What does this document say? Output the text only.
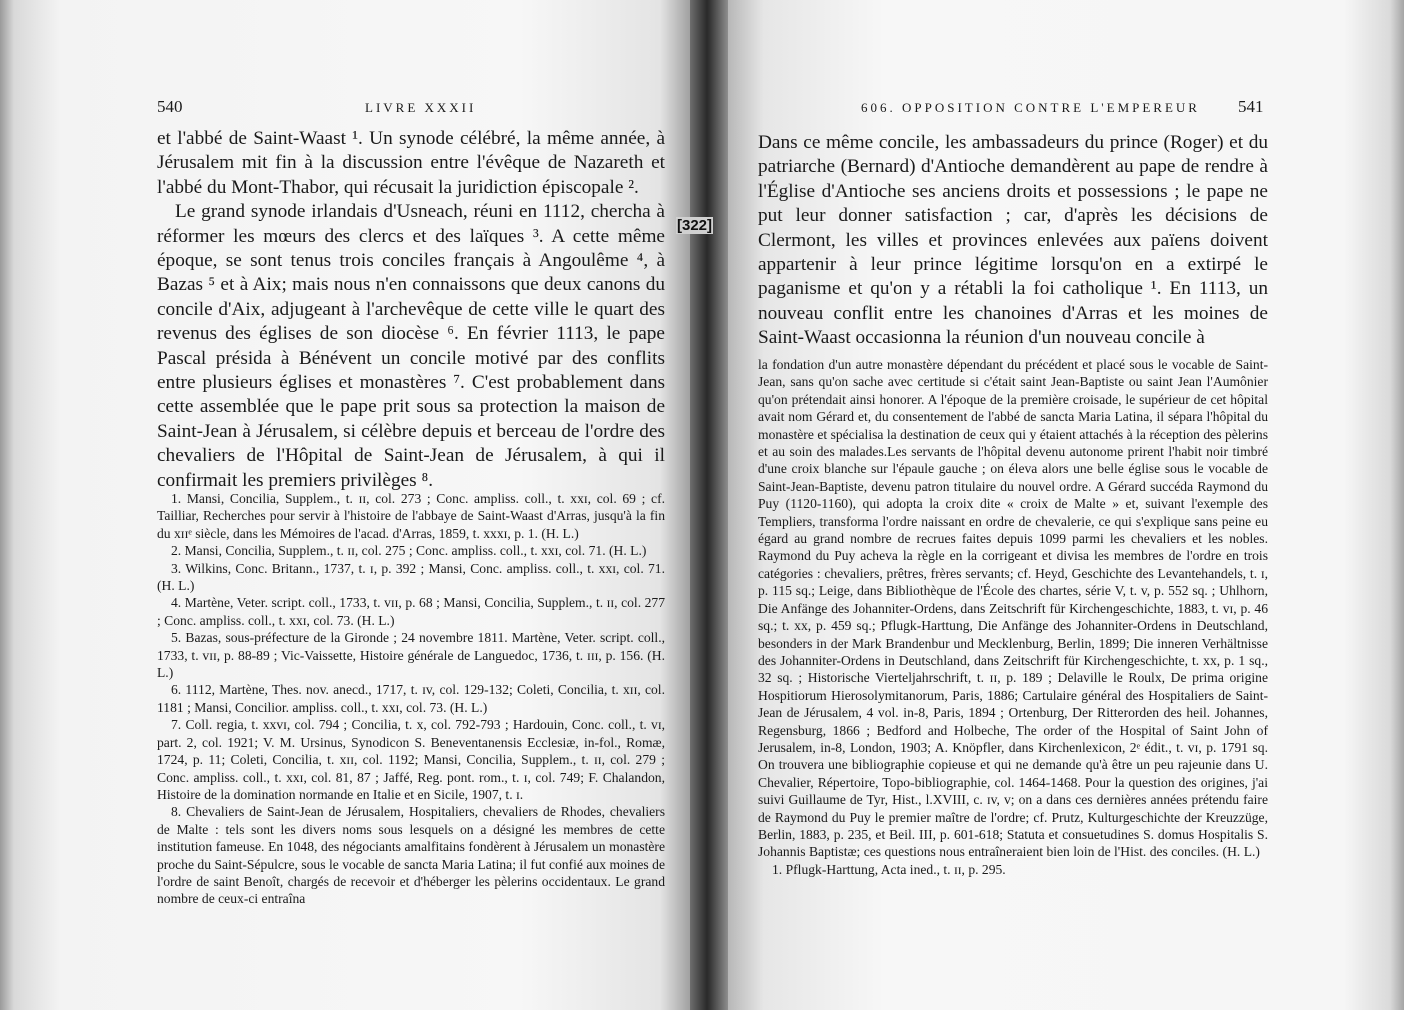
540	LIVRE XXXII

et l'abbé de Saint-Waast ¹. Un synode célébré, la même année, à Jérusalem mit fin à la discussion entre l'évêque de Nazareth et l'abbé du Mont-Thabor, qui récusait la juridiction épiscopale ².

Le grand synode irlandais d'Usneach, réuni en 1112, chercha à réformer les mœurs des clercs et des laïques ³. A cette même époque, se sont tenus trois conciles français à Angoulême ⁴, à Bazas ⁵ et à Aix; mais nous n'en connaissons que deux canons du concile d'Aix, adjugeant à l'archevêque de cette ville le quart des revenus des églises de son diocèse ⁶. En février 1113, le pape Pascal présida à Bénévent un concile motivé par des conflits entre plusieurs églises et monastères ⁷. C'est probablement dans cette assemblée que le pape prit sous sa protection la maison de Saint-Jean à Jérusalem, si célèbre depuis et berceau de l'ordre des chevaliers de l'Hôpital de Saint-Jean de Jérusalem, à qui il confirmait les premiers privilèges ⁸.

1. Mansi, Concilia, Supplem., t. ɪɪ, col. 273 ; Conc. ampliss. coll., t. xxɪ, col. 69 ; cf. Tailliar, Recherches pour servir à l'histoire de l'abbaye de Saint-Waast d'Arras, jusqu'à la fin du xɪɪᵉ siècle, dans les Mémoires de l'acad. d'Arras, 1859, t. xxxɪ, p. 1. (H. L.)

2. Mansi, Concilia, Supplem., t. ɪɪ, col. 275 ; Conc. ampliss. coll., t. xxɪ, col. 71. (H. L.)

3. Wilkins, Conc. Britann., 1737, t. ɪ, p. 392 ; Mansi, Conc. ampliss. coll., t. xxɪ, col. 71. (H. L.)

4. Martène, Veter. script. coll., 1733, t. vɪɪ, p. 68 ; Mansi, Concilia, Supplem., t. ɪɪ, col. 277 ; Conc. ampliss. coll., t. xxɪ, col. 73. (H. L.)

5. Bazas, sous-préfecture de la Gironde ; 24 novembre 1811. Martène, Veter. script. coll., 1733, t. vɪɪ, p. 88-89 ; Vic-Vaissette, Histoire générale de Languedoc, 1736, t. ɪɪɪ, p. 156. (H. L.)

6. 1112, Martène, Thes. nov. anecd., 1717, t. ɪv, col. 129-132; Coleti, Concilia, t. xɪɪ, col. 1181 ; Mansi, Concilior. ampliss. coll., t. xxɪ, col. 73. (H. L.)

7. Coll. regia, t. xxvɪ, col. 794 ; Concilia, t. x, col. 792-793 ; Hardouin, Conc. coll., t. vɪ, part. 2, col. 1921; V. M. Ursinus, Synodicon S. Beneventanensis Ecclesiæ, in-fol., Romæ, 1724, p. 11; Coleti, Concilia, t. xɪɪ, col. 1192; Mansi, Concilia, Supplem., t. ɪɪ, col. 279 ; Conc. ampliss. coll., t. xxɪ, col. 81, 87 ; Jaffé, Reg. pont. rom., t. ɪ, col. 749; F. Chalandon, Histoire de la domination normande en Italie et en Sicile, 1907, t. ɪ.

8. Chevaliers de Saint-Jean de Jérusalem, Hospitaliers, chevaliers de Rhodes, chevaliers de Malte : tels sont les divers noms sous lesquels on a désigné les membres de cette institution fameuse. En 1048, des négociants amalfitains fondèrent à Jérusalem un monastère proche du Saint-Sépulcre, sous le vocable de sancta Maria Latina; il fut confié aux moines de l'ordre de saint Benoît, chargés de recevoir et d'héberger les pèlerins occidentaux. Le grand nombre de ceux-ci entraîna

606. OPPOSITION CONTRE L'EMPEREUR 541

Dans ce même concile, les ambassadeurs du prince (Roger) et du patriarche (Bernard) d'Antioche demandèrent au pape de rendre à l'Église d'Antioche ses anciens droits et possessions ; le pape ne put leur donner satisfaction ; car, d'après les décisions de Clermont, les villes et provinces enlevées aux païens doivent appartenir à leur prince légitime lorsqu'on en a extirpé le paganisme et qu'on y a rétabli la foi catholique ¹. En 1113, un nouveau conflit entre les chanoines d'Arras et les moines de Saint-Waast occasionna la réunion d'un nouveau concile à

la fondation d'un autre monastère dépendant du précédent et placé sous le vocable de Saint-Jean, sans qu'on sache avec certitude si c'était saint Jean-Baptiste ou saint Jean l'Aumônier qu'on prétendait ainsi honorer. A l'époque de la première croisade, le supérieur de cet hôpital avait nom Gérard et, du consentement de l'abbé de sancta Maria Latina, il sépara l'hôpital du monastère et spécialisa la destination de ceux qui y étaient attachés à la réception des pèlerins et au soin des malades.Les servants de l'hôpital devenu autonome prirent l'habit noir timbré d'une croix blanche sur l'épaule gauche ; on éleva alors une belle église sous le vocable de Saint-Jean-Baptiste, devenu patron titulaire du nouvel ordre. A Gérard succéda Raymond du Puy (1120-1160), qui adopta la croix dite « croix de Malte » et, suivant l'exemple des Templiers, transforma l'ordre naissant en ordre de chevalerie, ce qui s'explique sans peine eu égard au grand nombre de recrues faites depuis 1099 parmi les chevaliers et les nobles. Raymond du Puy acheva la règle en la corrigeant et divisa les membres de l'ordre en trois catégories : chevaliers, prêtres, frères servants; cf. Heyd, Geschichte des Levantehandels, t. ɪ, p. 115 sq.; Leige, dans Bibliothèque de l'École des chartes, série V, t. v, p. 552 sq. ; Uhlhorn, Die Anfänge des Johanniter-Ordens, dans Zeitschrift für Kirchengeschichte, 1883, t. vɪ, p. 46 sq.; t. xx, p. 459 sq.; Pflugk-Harttung, Die Anfänge des Johanniter-Ordens in Deutschland, besonders in der Mark Brandenbur und Mecklenburg, Berlin, 1899; Die inneren Verhältnisse des Johanniter-Ordens in Deutschland, dans Zeitschrift für Kirchengeschichte, t. xx, p. 1 sq., 32 sq. ; Historische Vierteljahrschrift, t. ɪɪ, p. 189 ; Delaville le Roulx, De prima origine Hospitiorum Hierosolymitanorum, Paris, 1886; Cartulaire général des Hospitaliers de Saint-Jean de Jérusalem, 4 vol. in-8, Paris, 1894 ; Ortenburg, Der Ritterorden des heil. Johannes, Regensburg, 1866 ; Bedford and Holbeche, The order of the Hospital of Saint John of Jerusalem, in-8, London, 1903; A. Knöpfler, dans Kirchenlexicon, 2ᵉ édit., t. vɪ, p. 1791 sq. On trouvera une bibliographie copieuse et qui ne demande qu'à être un peu rajeunie dans U. Chevalier, Répertoire, Topo-bibliographie, col. 1464-1468. Pour la question des origines, j'ai suivi Guillaume de Tyr, Hist., l.XVIII, c. ɪv, v; on a dans ces dernières années prétendu faire de Raymond du Puy le premier maître de l'ordre; cf. Prutz, Kulturgeschichte der Kreuzzüge, Berlin, 1883, p. 235, et Beil. III, p. 601-618; Statuta et consuetudines S. domus Hospitalis S. Johannis Baptistæ; ces questions nous entraîneraient bien loin de l'Hist. des conciles. (H. L.)

1. Pflugk-Harttung, Acta ined., t. ɪɪ, p. 295.

[322]
